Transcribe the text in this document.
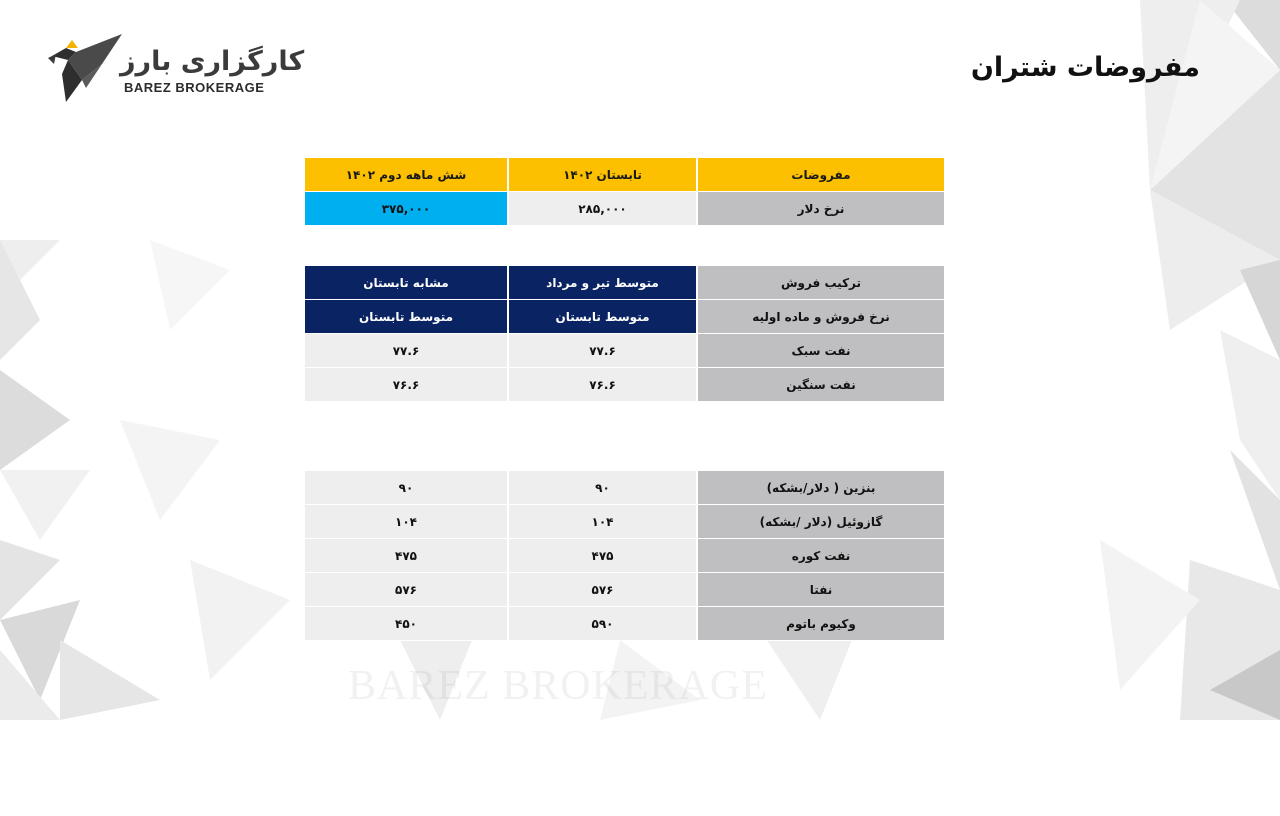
مفروضات شتران
کارگزاری بارز
BAREZ BROKERAGE
مفروضات	تابستان ۱۴۰۲	شش ماهه دوم ۱۴۰۲
نرخ دلار	۲۸۵,۰۰۰	۳۷۵,۰۰۰
ترکیب فروش	متوسط تیر و مرداد	مشابه تابستان
نرخ فروش و ماده اولیه	متوسط تابستان	متوسط تابستان
نفت سبک	۷۷.۶	۷۷.۶
نفت سنگین	۷۶.۶	۷۶.۶
بنزین ( دلار/بشکه)	۹۰	۹۰
گازوئیل (دلار /بشکه)	۱۰۴	۱۰۴
نفت کوره	۴۷۵	۴۷۵
نفتا	۵۷۶	۵۷۶
وکیوم باتوم	۵۹۰	۴۵۰
BAREZ BROKERAGE
